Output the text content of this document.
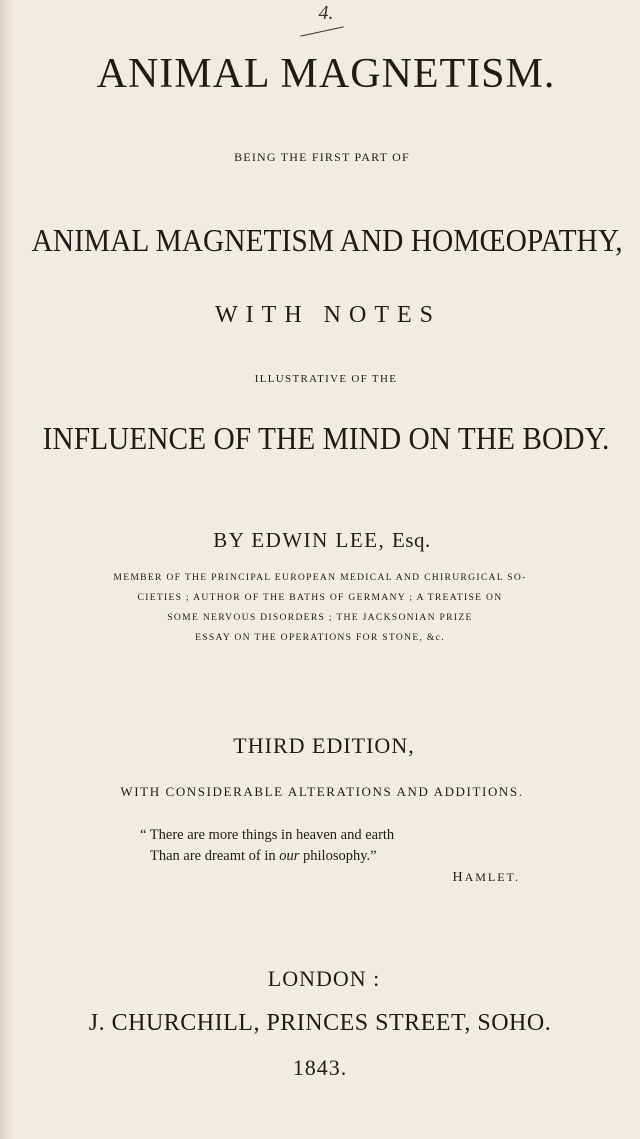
4.
ANIMAL MAGNETISM.
BEING THE FIRST PART OF
ANIMAL MAGNETISM AND HOMŒOPATHY,
WITH NOTES
ILLUSTRATIVE OF THE
INFLUENCE OF THE MIND ON THE BODY.
BY EDWIN LEE, Esq.
MEMBER OF THE PRINCIPAL EUROPEAN MEDICAL AND CHIRURGICAL SO-
CIETIES ; AUTHOR OF THE BATHS OF GERMANY ; A TREATISE ON
SOME NERVOUS DISORDERS ; THE JACKSONIAN PRIZE
ESSAY ON THE OPERATIONS FOR STONE, &c.
THIRD EDITION,
WITH CONSIDERABLE ALTERATIONS AND ADDITIONS.
“ There are more things in heaven and earth
Than are dreamt of in our philosophy.”
HAMLET.
LONDON :
J. CHURCHILL, PRINCES STREET, SOHO.
1843.
